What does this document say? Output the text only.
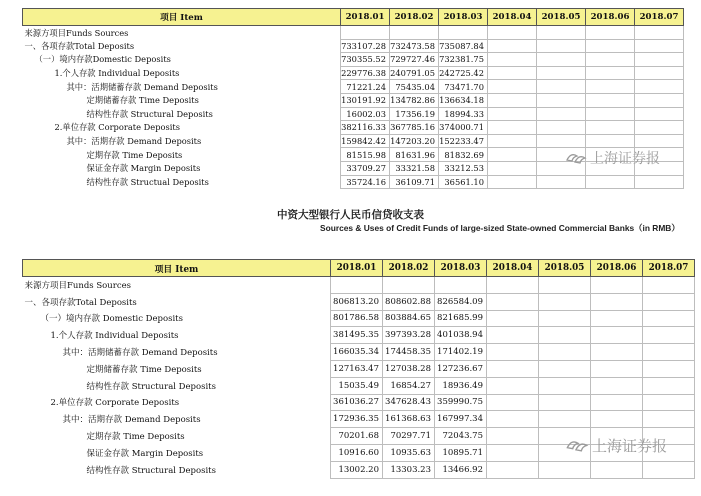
项目 Item	2018.01	2018.02	2018.03	2018.04	2018.05	2018.06	2018.07
来源方项目Funds Sources							
一、各项存款Total Deposits	733107.28	732473.58	735087.84				
（一）境内存款Domestic Deposits	730355.52	729727.46	732381.75				
1.个人存款 Individual Deposits	229776.38	240791.05	242725.42				
其中：活期储蓄存款 Demand Deposits	71221.24	75435.04	73471.70				
定期储蓄存款 Time Deposits	130191.92	134782.86	136634.18				
结构性存款 Structural Deposits	16002.03	17356.19	18994.33				
2.单位存款 Corporate Deposits	382116.33	367785.16	374000.71				
其中：活期存款 Demand Deposits	159842.42	147203.20	152233.47				
定期存款 Time Deposits	81515.98	81631.96	81832.69				
保证金存款 Margin Deposits	33709.27	33321.58	33212.53				
结构性存款 Structual Deposits	35724.16	36109.71	36561.10				
中资大型银行人民币信贷收支表
Sources & Uses of Credit Funds of large-sized State-owned Commercial Banks（in RMB）
项目 Item	2018.01	2018.02	2018.03	2018.04	2018.05	2018.06	2018.07
来源方项目Funds Sources							
一、各项存款Total Deposits	806813.20	808602.88	826584.09				
（一）境内存款 Domestic Deposits	801786.58	803884.65	821685.99				
1.个人存款 Individual Deposits	381495.35	397393.28	401038.94				
其中：活期储蓄存款 Demand Deposits	166035.34	174458.35	171402.19				
定期储蓄存款 Time Deposits	127163.47	127038.28	127236.67				
结构性存款 Structural Deposits	15035.49	16854.27	18936.49				
2.单位存款 Corporate Deposits	361036.27	347628.43	359990.75				
其中：活期存款 Demand Deposits	172936.35	161368.63	167997.34				
定期存款 Time Deposits	70201.68	70297.71	72043.75				
保证金存款 Margin Deposits	10916.60	10935.63	10895.71				
结构性存款 Structural Deposits	13002.20	13303.23	13466.92				
上海证券报
上海证券报
